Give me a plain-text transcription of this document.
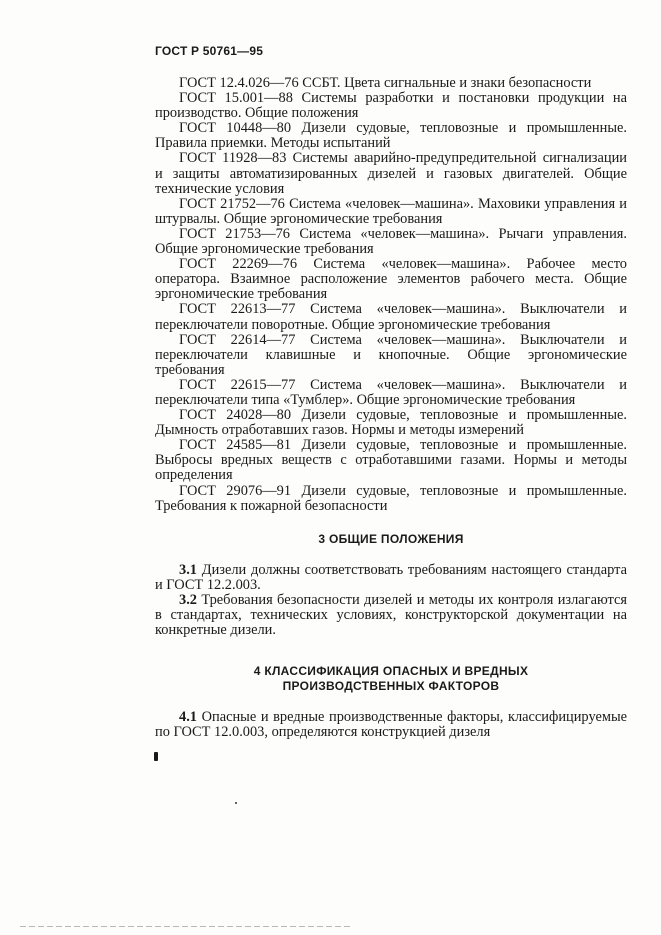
ГОСТ Р 50761—95

ГОСТ 12.4.026—76 ССБТ. Цвета сигнальные и знаки безопасности

ГОСТ 15.001—88 Системы разработки и постановки продукции на производство. Общие положения

ГОСТ 10448—80 Дизели судовые, тепловозные и промышленные. Правила приемки. Методы испытаний

ГОСТ 11928—83 Системы аварийно-предупредительной сигнализации и защиты автоматизированных дизелей и газовых двигателей. Общие технические условия

ГОСТ 21752—76 Система «человек—машина». Маховики управления и штурвалы. Общие эргономические требования

ГОСТ 21753—76 Система «человек—машина». Рычаги управления. Общие эргономические требования

ГОСТ 22269—76 Система «человек—машина». Рабочее место оператора. Взаимное расположение элементов рабочего места. Общие эргономические требования

ГОСТ 22613—77 Система «человек—машина». Выключатели и переключатели поворотные. Общие эргономические требования

ГОСТ 22614—77 Система «человек—машина». Выключатели и переключатели клавишные и кнопочные. Общие эргономические требования

ГОСТ 22615—77 Система «человек—машина». Выключатели и переключатели типа «Тумблер». Общие эргономические требования

ГОСТ 24028—80 Дизели судовые, тепловозные и промышленные. Дымность отработавших газов. Нормы и методы измерений

ГОСТ 24585—81 Дизели судовые, тепловозные и промышленные. Выбросы вредных веществ с отработавшими газами. Нормы и методы определения

ГОСТ 29076—91 Дизели судовые, тепловозные и промышленные. Требования к пожарной безопасности

3 ОБЩИЕ ПОЛОЖЕНИЯ

3.1 Дизели должны соответствовать требованиям настоящего стандарта и ГОСТ 12.2.003.

3.2 Требования безопасности дизелей и методы их контроля излагаются в стандартах, технических условиях, конструкторской документации на конкретные дизели.

4 КЛАССИФИКАЦИЯ ОПАСНЫХ И ВРЕДНЫХ
ПРОИЗВОДСТВЕННЫХ ФАКТОРОВ

4.1 Опасные и вредные производственные факторы, классифицируемые по ГОСТ 12.0.003, определяются конструкцией дизеля
